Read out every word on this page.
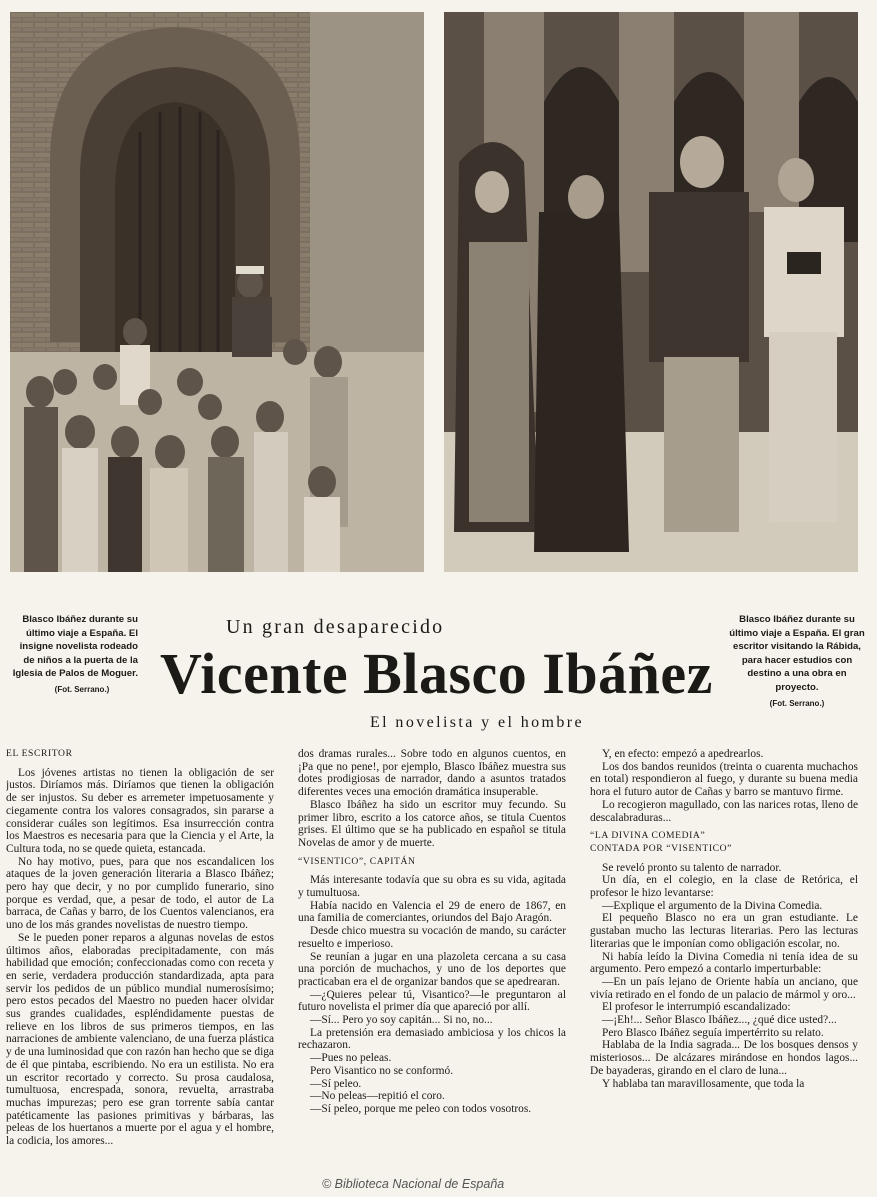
Blasco Ibáñez durante su último viaje a España. El insigne novelista rodeado de niños a la puerta de la Iglesia de Palos de Moguer.
(Fot. Serrano.)
Blasco Ibáñez durante su último viaje a España. El gran escritor visitando la Rábida, para hacer estudios con destino a una obra en proyecto.
(Fot. Serrano.)
Un gran desaparecido
Vicente Blasco Ibáñez
El novelista y el hombre
EL ESCRITOR

Los jóvenes artistas no tienen la obligación de ser justos. Diríamos más. Diríamos que tienen la obligación de ser injustos. Su deber es arremeter impetuosamente y ciegamente contra los valores consagrados, sin pararse a considerar cuáles son legítimos. Esa insurrección contra los Maestros es necesaria para que la Ciencia y el Arte, la Cultura toda, no se quede quieta, estancada.

No hay motivo, pues, para que nos escandalicen los ataques de la joven generación literaria a Blasco Ibáñez; pero hay que decir, y no por cumplido funerario, sino porque es verdad, que, a pesar de todo, el autor de La barraca, de Cañas y barro, de los Cuentos valencianos, era uno de los más grandes novelistas de nuestro tiempo.

Se le pueden poner reparos a algunas novelas de estos últimos años, elaboradas precipitadamente, con más habilidad que emoción; confeccionadas como con receta y en serie, verdadera producción standardizada, apta para servir los pedidos de un público mundial numerosísimo; pero estos pecados del Maestro no pueden hacer olvidar sus grandes cualidades, espléndidamente puestas de relieve en los libros de sus primeros tiempos, en las narraciones de ambiente valenciano, de una fuerza plástica y de una luminosidad que con razón han hecho que se diga de él que pintaba, escribiendo. No era un estilista. No era un escritor recortado y correcto. Su prosa caudalosa, tumultuosa, encrespada, sonora, revuelta, arrastraba muchas impurezas; pero ese gran torrente sabía cantar patéticamente las pasiones primitivas y bárbaras, las peleas de los huertanos a muerte por el agua y el hombre, la codicia, los amores...

dos dramas rurales... Sobre todo en algunos cuentos, en ¡Pa que no pene!, por ejemplo, Blasco Ibáñez muestra sus dotes prodigiosas de narrador, dando a asuntos tratados diferentes veces una emoción dramática insuperable.

Blasco Ibáñez ha sido un escritor muy fecundo. Su primer libro, escrito a los catorce años, se titula Cuentos grises. El último que se ha publicado en español se titula Novelas de amor y de muerte.

“VISENTICO”, CAPITÁN

Más interesante todavía que su obra es su vida, agitada y tumultuosa.

Había nacido en Valencia el 29 de enero de 1867, en una familia de comerciantes, oriundos del Bajo Aragón.

Desde chico muestra su vocación de mando, su carácter resuelto e imperioso.

Se reunían a jugar en una plazoleta cercana a su casa una porción de muchachos, y uno de los deportes que practicaban era el de organizar bandos que se apedrearan.

—¿Quieres pelear tú, Visantico?—le preguntaron al futuro novelista el primer día que apareció por allí.

—Sí... Pero yo soy capitán... Si no, no...

La pretensión era demasiado ambiciosa y los chicos la rechazaron.

—Pues no peleas.

Pero Visantico no se conformó.

—Sí peleo.

—No peleas—repitió el coro.

—Sí peleo, porque me peleo con todos vosotros.

Y, en efecto: empezó a apedrearlos.

Los dos bandos reunidos (treinta o cuarenta muchachos en total) respondieron al fuego, y durante su buena media hora el futuro autor de Cañas y barro se mantuvo firme.

Lo recogieron magullado, con las narices rotas, lleno de descalabraduras...

“LA DIVINA COMEDIA”
CONTADA POR “VISENTICO”

Se reveló pronto su talento de narrador.

Un día, en el colegio, en la clase de Retórica, el profesor le hizo levantarse:

—Explique el argumento de la Divina Comedia.

El pequeño Blasco no era un gran estudiante. Le gustaban mucho las lecturas literarias. Pero las lecturas literarias que le imponían como obligación escolar, no.

Ni había leído la Divina Comedia ni tenía idea de su argumento. Pero empezó a contarlo imperturbable:

—En un país lejano de Oriente había un anciano, que vivía retirado en el fondo de un palacio de mármol y oro...

El profesor le interrumpió escandalizado:

—¡Eh!... Señor Blasco Ibáñez..., ¿qué dice usted?...

Pero Blasco Ibáñez seguía impertérrito su relato.

Hablaba de la India sagrada... De los bosques densos y misteriosos... De alcázares mirándose en hondos lagos... De bayaderas, girando en el claro de luna...

Y hablaba tan maravillosamente, que toda la

© Biblioteca Nacional de España
